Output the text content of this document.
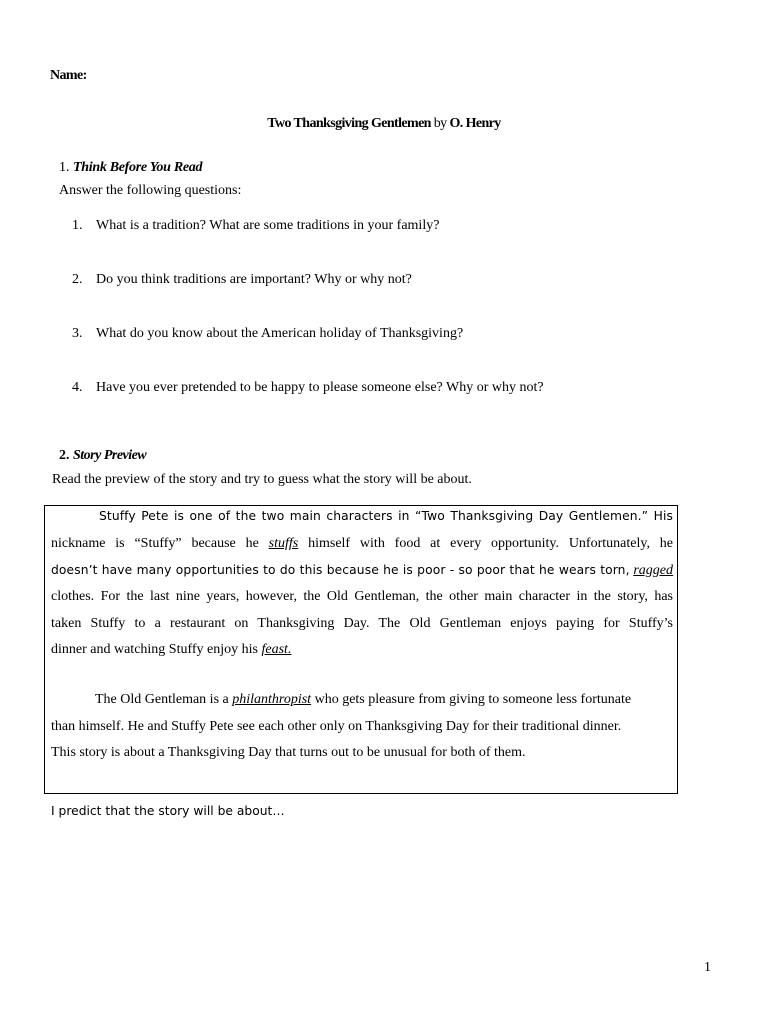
Name:
Two Thanksgiving Gentlemen by O. Henry
1. Think Before You Read
Answer the following questions:
1. What is a tradition? What are some traditions in your family?
2. Do you think traditions are important? Why or why not?
3. What do you know about the American holiday of Thanksgiving?
4. Have you ever pretended to be happy to please someone else? Why or why not?
2. Story Preview
Read the preview of the story and try to guess what the story will be about.
Stuffy Pete is one of the two main characters in “Two Thanksgiving Day Gentlemen.” His
nickname is “Stuffy” because he stuffs himself with food at every opportunity. Unfortunately, he
doesn’t have many opportunities to do this because he is poor - so poor that he wears torn, ragged
clothes. For the last nine years, however, the Old Gentleman, the other main character in the story, has
taken Stuffy to a restaurant on Thanksgiving Day. The Old Gentleman enjoys paying for Stuffy’s
dinner and watching Stuffy enjoy his feast.
The Old Gentleman is a philanthropist who gets pleasure from giving to someone less fortunate
than himself. He and Stuffy Pete see each other only on Thanksgiving Day for their traditional dinner.
This story is about a Thanksgiving Day that turns out to be unusual for both of them.
I predict that the story will be about…
1
